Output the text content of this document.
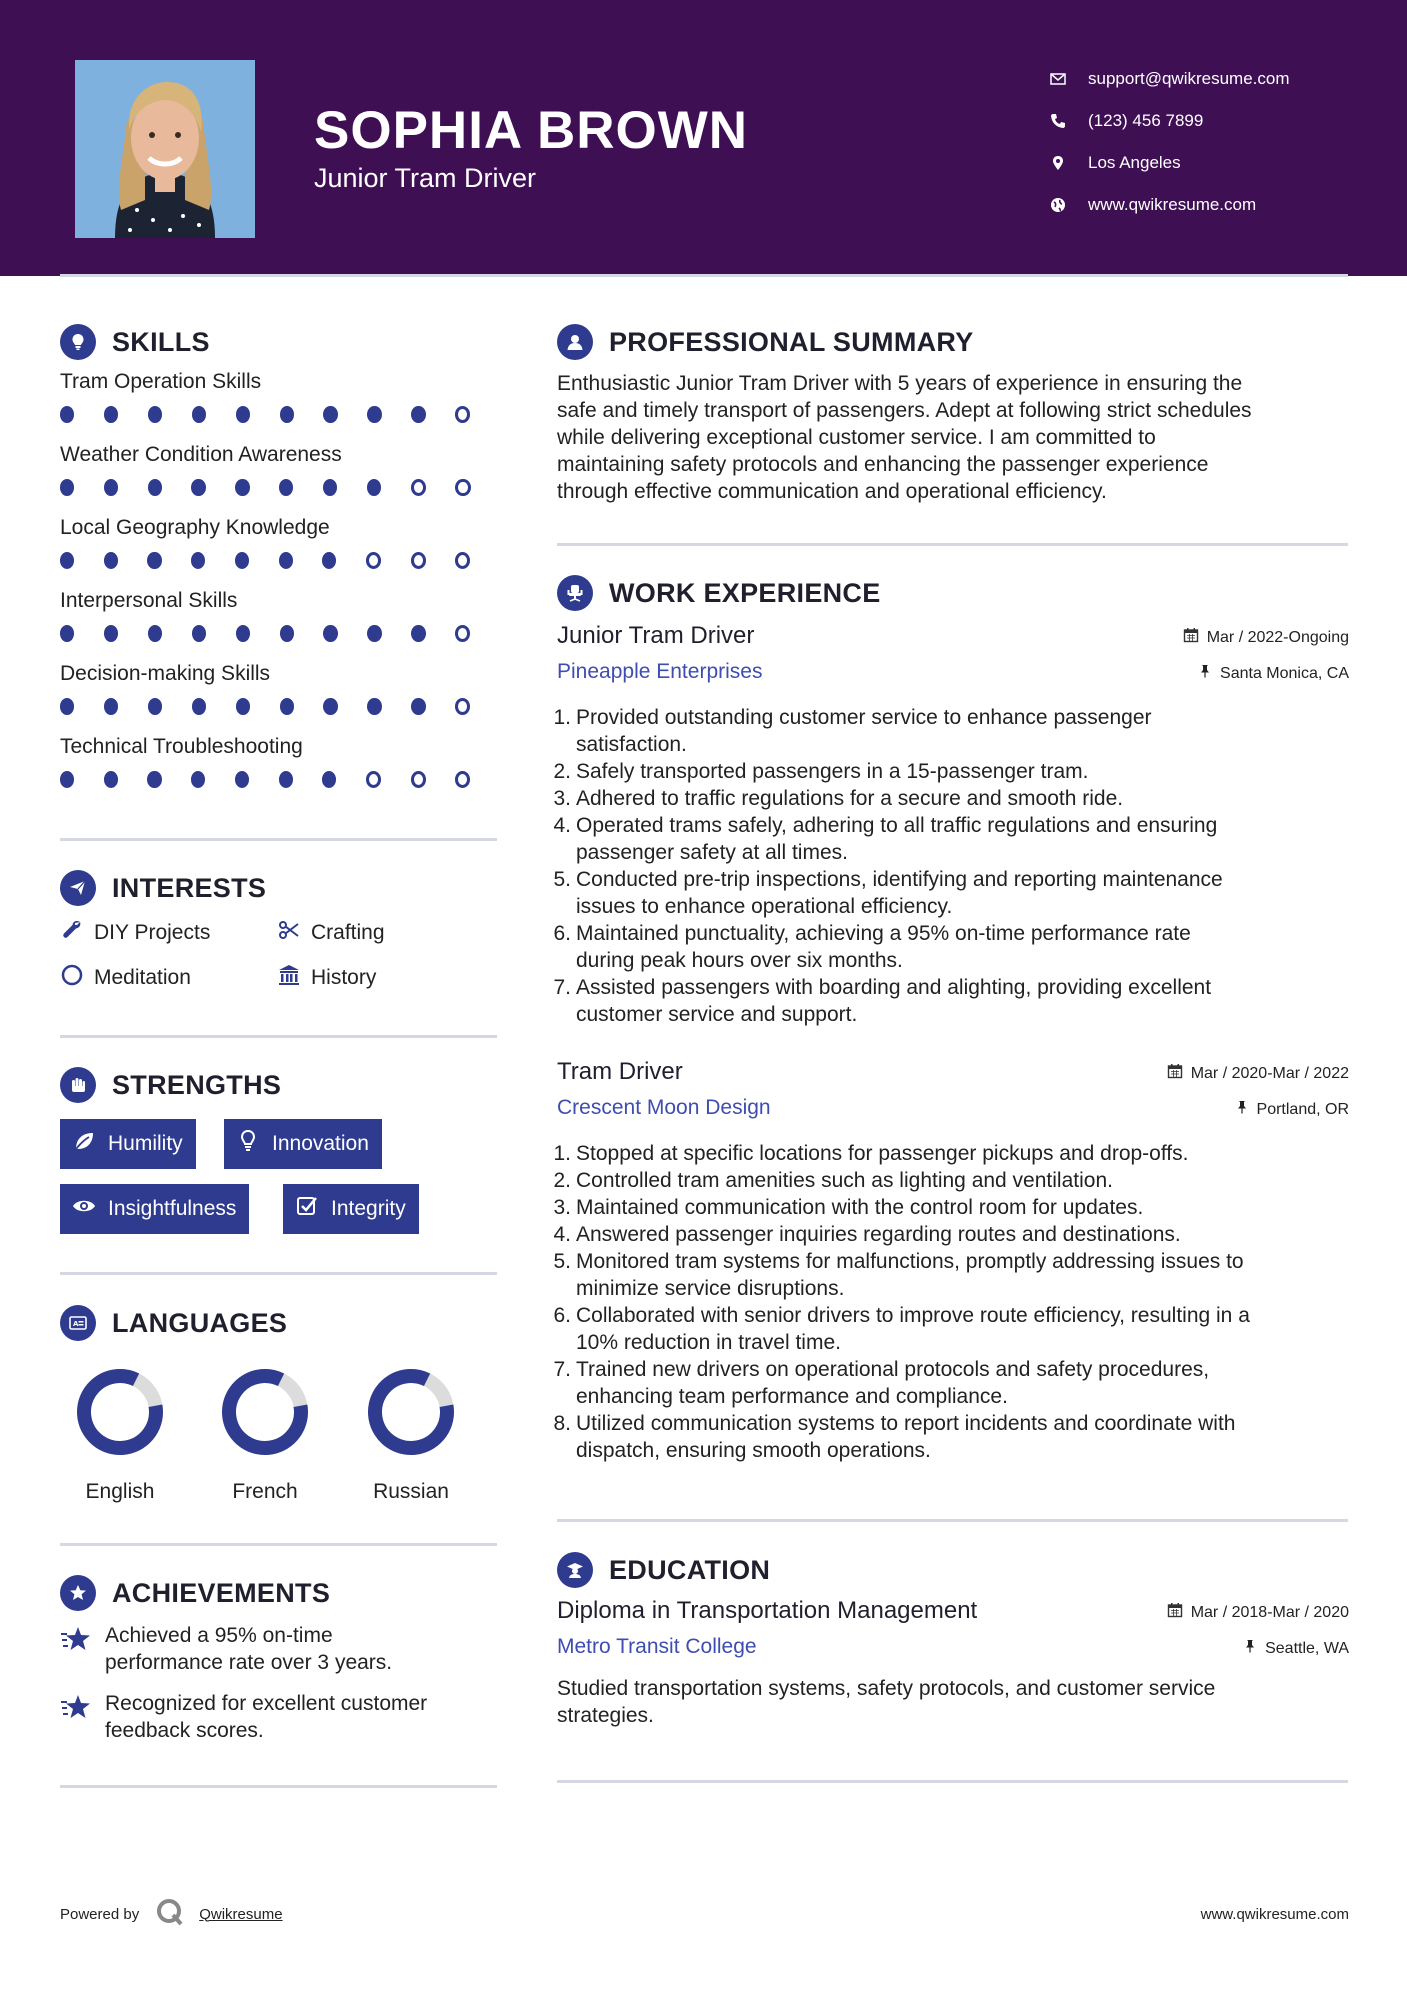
SOPHIA BROWN
Junior Tram Driver
support@qwikresume.com
(123) 456 7899
Los Angeles
www.qwikresume.com
SKILLS
Tram Operation Skills
Weather Condition Awareness
Local Geography Knowledge
Interpersonal Skills
Decision-making Skills
Technical Troubleshooting
INTERESTS
DIY Projects	Crafting
Meditation	History
STRENGTHS
Humility	Innovation
Insightfulness	Integrity
A LANGUAGES
English	French	Russian
ACHIEVEMENTS
Achieved a 95% on-time
performance rate over 3 years.
Recognized for excellent customer
feedback scores.
PROFESSIONAL SUMMARY
Enthusiastic Junior Tram Driver with 5 years of experience in ensuring the
safe and timely transport of passengers. Adept at following strict schedules
while delivering exceptional customer service. I am committed to
maintaining safety protocols and enhancing the passenger experience
through effective communication and operational efficiency.
WORK EXPERIENCE
Junior Tram Driver	Mar / 2022-Ongoing
Pineapple Enterprises	Santa Monica, CA
1. Provided outstanding customer service to enhance passenger
satisfaction.
2. Safely transported passengers in a 15-passenger tram.
3. Adhered to traffic regulations for a secure and smooth ride.
4. Operated trams safely, adhering to all traffic regulations and ensuring
passenger safety at all times.
5. Conducted pre-trip inspections, identifying and reporting maintenance
issues to enhance operational efficiency.
6. Maintained punctuality, achieving a 95% on-time performance rate
during peak hours over six months.
7. Assisted passengers with boarding and alighting, providing excellent
customer service and support.
Tram Driver	Mar / 2020-Mar / 2022
Crescent Moon Design	Portland, OR
1. Stopped at specific locations for passenger pickups and drop-offs.
2. Controlled tram amenities such as lighting and ventilation.
3. Maintained communication with the control room for updates.
4. Answered passenger inquiries regarding routes and destinations.
5. Monitored tram systems for malfunctions, promptly addressing issues to
minimize service disruptions.
6. Collaborated with senior drivers to improve route efficiency, resulting in a
10% reduction in travel time.
7. Trained new drivers on operational protocols and safety procedures,
enhancing team performance and compliance.
8. Utilized communication systems to report incidents and coordinate with
dispatch, ensuring smooth operations.
EDUCATION
Diploma in Transportation Management	Mar / 2018-Mar / 2020
Metro Transit College	Seattle, WA
Studied transportation systems, safety protocols, and customer service
strategies.
Powered by	Qwikresume	www.qwikresume.com
